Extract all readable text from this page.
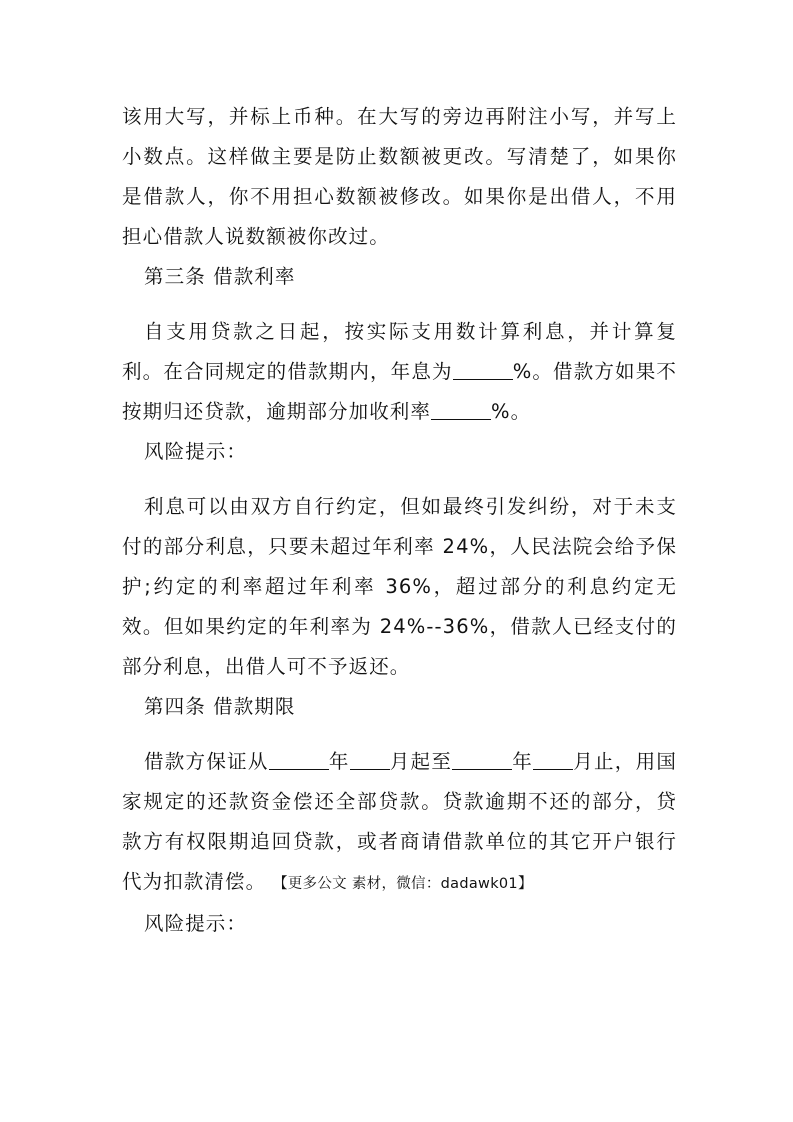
该用大写，并标上币种。在大写的旁边再附注小写，并写上小数点。这样做主要是防止数额被更改。写清楚了，如果你是借款人，你不用担心数额被修改。如果你是出借人，不用担心借款人说数额被你改过。

第三条 借款利率

自支用贷款之日起，按实际支用数计算利息，并计算复利。在合同规定的借款期内，年息为	%。借款方如果不按期归还贷款，逾期部分加收利率	%。

风险提示：

利息可以由双方自行约定，但如最终引发纠纷，对于未支付的部分利息，只要未超过年利率 24%，人民法院会给予保护;约定的利率超过年利率 36%，超过部分的利息约定无效。但如果约定的年利率为 24%--36%，借款人已经支付的部分利息，出借人可不予返还。

第四条 借款期限

借款方保证从	年 月起至	年 月止，用国家规定的还款资金偿还全部贷款。贷款逾期不还的部分，贷款方有权限期追回贷款，或者商请借款单位的其它开户银行代为扣款清偿。 【更多公文 素材，微信：dadawk01】

风险提示：
